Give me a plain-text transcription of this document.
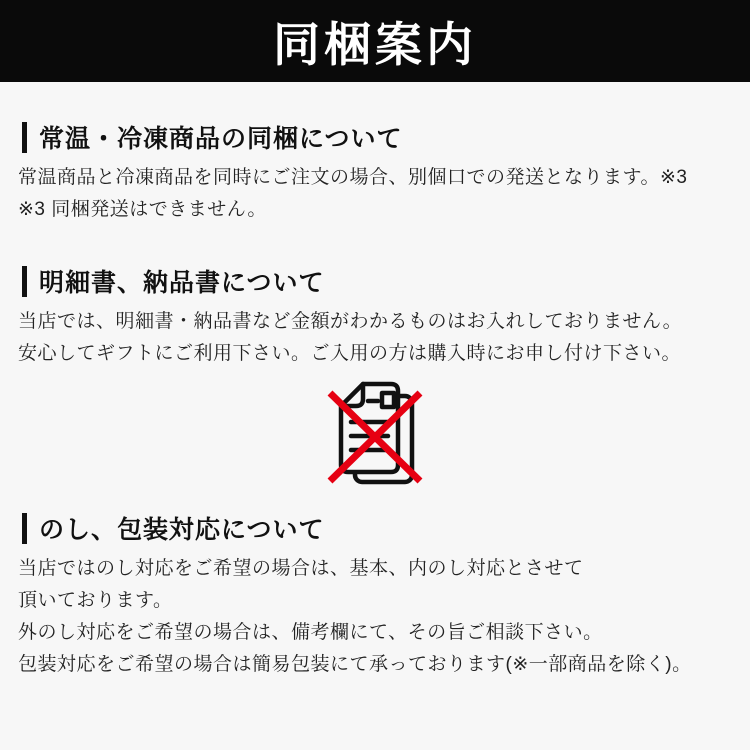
同梱案内
常温・冷凍商品の同梱について
常温商品と冷凍商品を同時にご注文の場合、別個口での発送となります。※3
※3 同梱発送はできません。
明細書、納品書について
当店では、明細書・納品書など金額がわかるものはお入れしておりません。
安心してギフトにご利用下さい。ご入用の方は購入時にお申し付け下さい。
のし、包装対応について
当店ではのし対応をご希望の場合は、基本、内のし対応とさせて
頂いております。
外のし対応をご希望の場合は、備考欄にて、その旨ご相談下さい。
包装対応をご希望の場合は簡易包装にて承っております(※一部商品を除く)。
